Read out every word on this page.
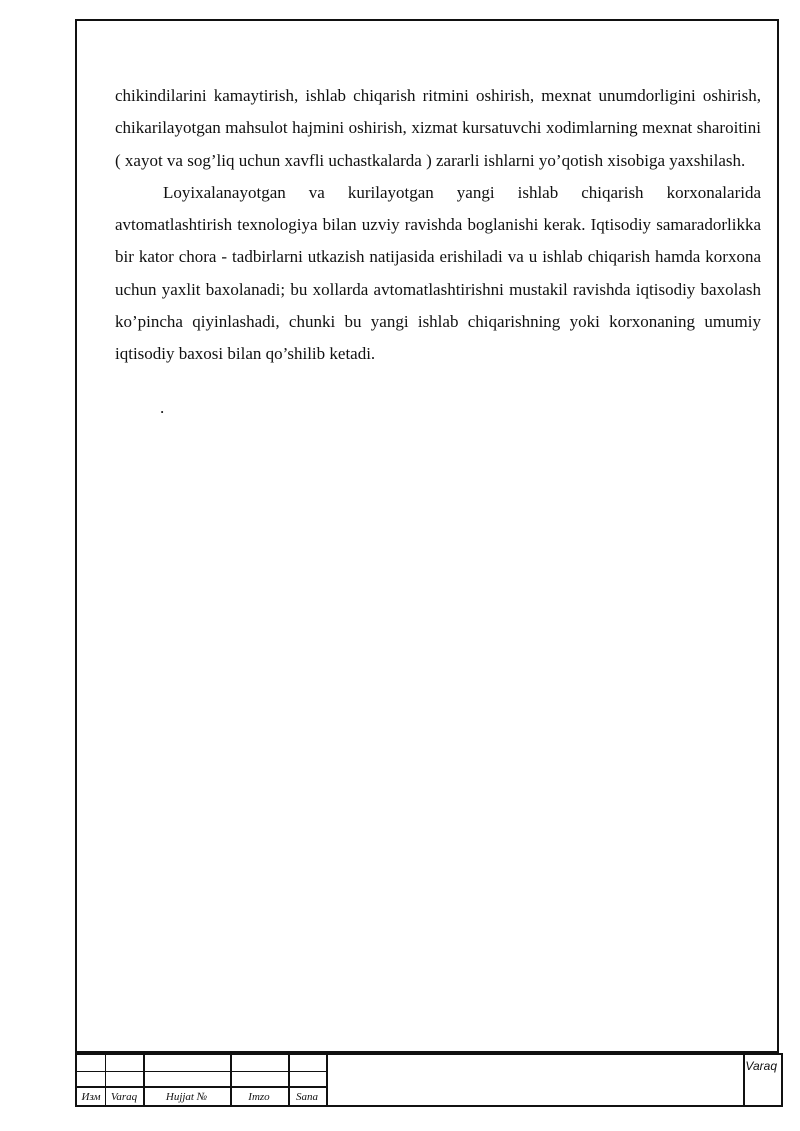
chikindilarini kamaytirish, ishlab chiqarish ritmini oshirish, mexnat unumdorligini oshirish, chikarilayotgan mahsulot hajmini oshirish, xizmat kursatuvchi xodimlarning mexnat sharoitini ( xayot va sog’liq uchun xavfli uchastkalarda ) zararli ishlarni yo’qotish xisobiga yaxshilash.

Loyixalanayotgan va kurilayotgan yangi ishlab chiqarish korxonalarida avtomatlashtirish texnologiya bilan uzviy ravishda boglanishi kerak. Iqtisodiy samaradorlikka bir kator chora - tadbirlarni utkazish natijasida erishiladi va u ishlab chiqarish hamda korxona uchun yaxlit baxolanadi; bu xollarda avtomatlashtirishni mustakil ravishda iqtisodiy baxolash ko’pincha qiyinlashadi, chunki bu yangi ishlab chiqarishning yoki korxonaning umumiy iqtisodiy baxosi bilan qo’shilib ketadi.

.
Изм Varaq	Hujjat №	Imzo	Sana
Varaq
